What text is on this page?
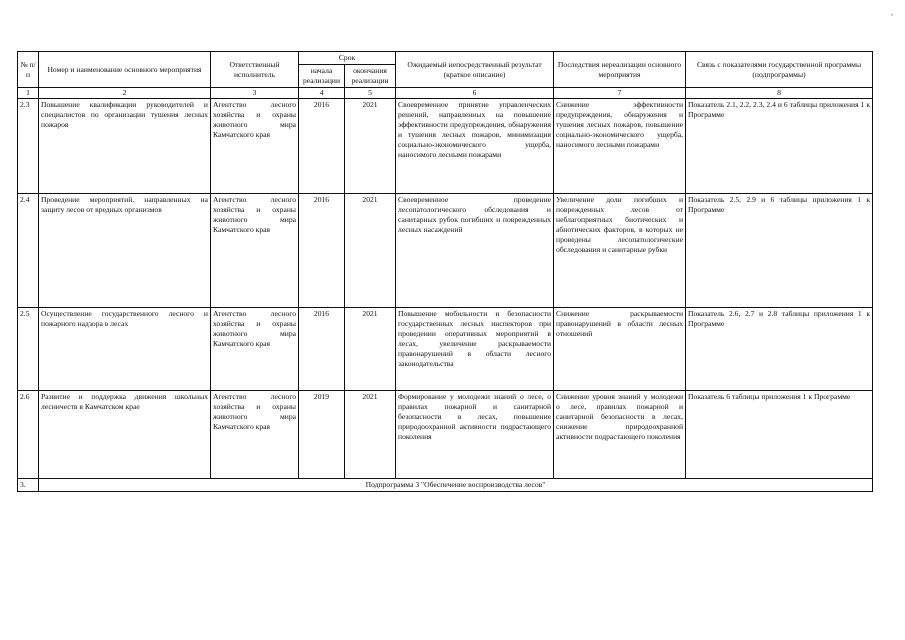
,
№ п/п	Номер и наименование основного мероприятия	Ответственный исполнитель	Срок		Ожидаемый непосредственный результат (краткое описание)	Последствия нереализации основного мероприятия	Связь с показателями государственной программы (подпрограммы)
			начала реализации	окончания реализации			
1	2	3	4	5	6	7	8
2.3	Повышение квалификации руководителей и специалистов по организации тушения лесных пожаров	Агентство лесного хозяйства и охраны животного мира Камчатского края	2016	2021	Своевременное принятие управленческих решений, направленных на повышение эффективности предупреждения, обнаружения и тушения лесных пожаров, минимизация социально-экономического ущерба, наносимого лесными пожарами	Снижение эффективности предупреждения, обнаружения и тушения лесных пожаров, повышение социально-экономического ущерба, наносимого лесными пожарами	Показатель 2.1, 2.2, 2.3, 2.4 и 6 таблицы приложения 1 к Программе
2.4	Проведение мероприятий, направленных на защиту лесов от вредных организмов	Агентство лесного хозяйства и охраны животного мира Камчатского края	2016	2021	Своевременное проведение лесопатологического обследования и санитарных рубок погибших и поврежденных лесных насаждений	Увеличение доли погибших и поврежденных лесов от неблагоприятных биотических и абиотических факторов, в которых не проведены лесопатологические обследования и санитарные рубки	Показатель 2.5, 2.9 и 6 таблицы приложения 1 к Программе
2.5	Осуществление государственного лесного и пожарного надзора в лесах	Агентство лесного хозяйства и охраны животного мира Камчатского края	2016	2021	Повышение мобильности и безопасности государственных лесных инспекторов при проведении оперативных мероприятий в лесах, увеличение раскрываемости правонарушений в области лесного законодательства	Снижение раскрываемости правонарушений в области лесных отношений	Показатель 2.6, 2.7 и 2.8 таблицы приложения 1 к Программе
2.6	Развитие и поддержка движения школьных лесничеств в Камчатском крае	Агентство лесного хозяйства и охраны животного мира Камчатского края	2019	2021	Формирование у молодежи знаний о лесе, о правилах пожарной и санитарной безопасности в лесах, повышение природоохранной активности подрастающего поколения	Снижение уровня знаний у молодежи о лесе, правилах пожарной и санитарной безопасности в лесах, снижение природоохранной активности подрастающего поколения	Показатель 6 таблицы приложения 1 к Программе
3.	Подпрограмма 3 "Обеспечение воспроизводства лесов"						
